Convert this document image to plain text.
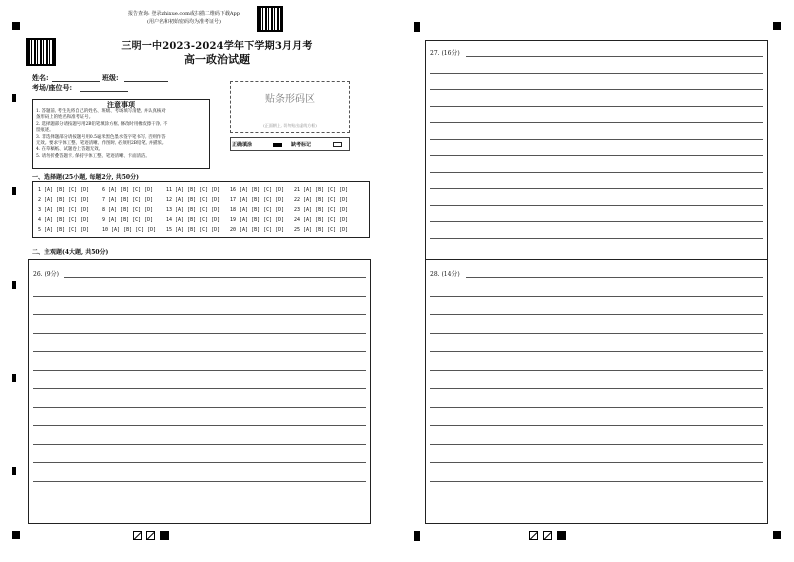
报告查询: 登录zhixue.com或扫描二维码下载App
(用户名和初始密码均为准考证号)
三明一中2023-2024学年下学期3月月考
高一政治试题
姓名:	班级:
考场/座位号:
贴条形码区
(正面朝上, 切勿贴出虚线方框)
正确填涂	缺考标记
注意事项
1. 答题前, 考生先将自己的姓名、班级、考场填写清楚, 并认真核对
条形码上的姓名和准考证号。
2. 选择题部分请按题号用2B铅笔填涂方框, 修改时用橡皮擦干净, 不
留痕迹。
3. 非选择题部分请按题号用0.5毫米黑色墨水签字笔书写, 否则作答
无效。要求字体工整、笔迹清晰。作图时, 必须用2B铅笔, 并描浓。
4. 在草稿纸、试题卷上答题无效。
5. 请勿折叠答题卡, 保持字体工整、笔迹清晰、卡面清洁。
一、选择题(25小题, 每题2分, 共50分)
1 [A] [B] [C] [D]	6 [A] [B] [C] [D]	11 [A] [B] [C] [D]	16 [A] [B] [C] [D]	21 [A] [B] [C] [D]
2 [A] [B] [C] [D]	7 [A] [B] [C] [D]	12 [A] [B] [C] [D]	17 [A] [B] [C] [D]	22 [A] [B] [C] [D]
3 [A] [B] [C] [D]	8 [A] [B] [C] [D]	13 [A] [B] [C] [D]	18 [A] [B] [C] [D]	23 [A] [B] [C] [D]
4 [A] [B] [C] [D]	9 [A] [B] [C] [D]	14 [A] [B] [C] [D]	19 [A] [B] [C] [D]	24 [A] [B] [C] [D]
5 [A] [B] [C] [D]	10 [A] [B] [C] [D]	15 [A] [B] [C] [D]	20 [A] [B] [C] [D]	25 [A] [B] [C] [D]
二、主观题(4大题, 共50分)
26. (9分)
27. (16分)
28. (14分)
